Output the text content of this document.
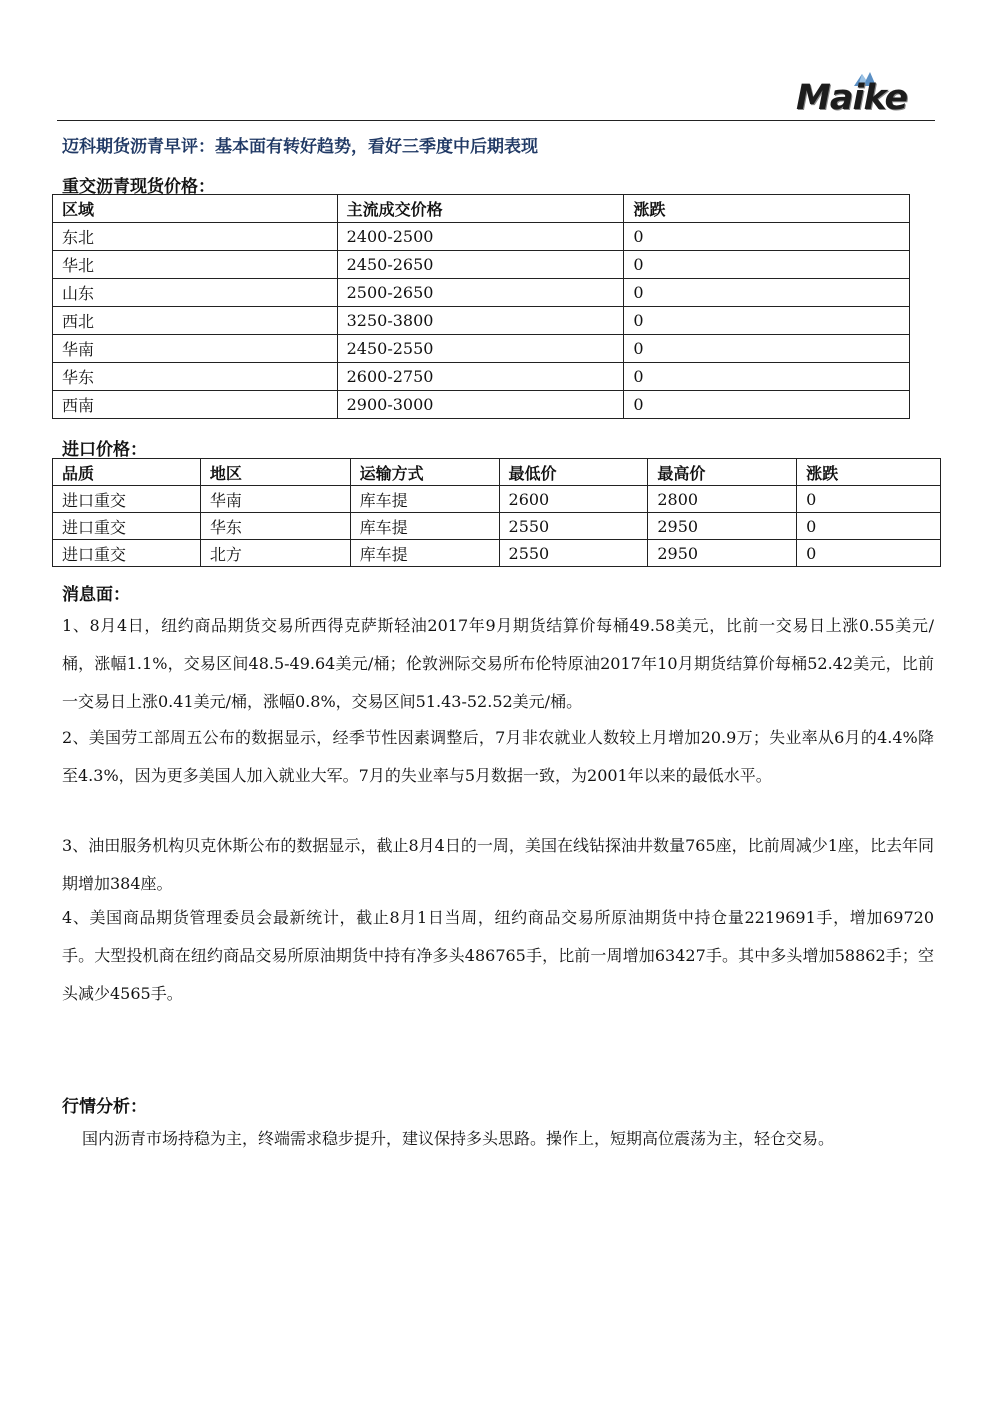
Maike
迈科期货沥青早评：基本面有转好趋势，看好三季度中后期表现
重交沥青现货价格：
区域	主流成交价格	涨跌
东北	2400-2500	0
华北	2450-2650	0
山东	2500-2650	0
西北	3250-3800	0
华南	2450-2550	0
华东	2600-2750	0
西南	2900-3000	0
进口价格：
品质	地区	运输方式	最低价	最高价	涨跌
进口重交	华南	库车提	2600	2800	0
进口重交	华东	库车提	2550	2950	0
进口重交	北方	库车提	2550	2950	0
消息面：
1、8月4日，纽约商品期货交易所西得克萨斯轻油2017年9月期货结算价每桶49.58美元，比前一交易日上涨0.55美元/桶，涨幅1.1%，交易区间48.5-49.64美元/桶；伦敦洲际交易所布伦特原油2017年10月期货结算价每桶52.42美元，比前一交易日上涨0.41美元/桶，涨幅0.8%，交易区间51.43-52.52美元/桶。
2、美国劳工部周五公布的数据显示，经季节性因素调整后，7月非农就业人数较上月增加20.9万；失业率从6月的4.4%降至4.3%，因为更多美国人加入就业大军。7月的失业率与5月数据一致，为2001年以来的最低水平。
3、油田服务机构贝克休斯公布的数据显示，截止8月4日的一周，美国在线钻探油井数量765座，比前周减少1座，比去年同期增加384座。
4、美国商品期货管理委员会最新统计，截止8月1日当周，纽约商品交易所原油期货中持仓量2219691手，增加69720手。大型投机商在纽约商品交易所原油期货中持有净多头486765手，比前一周增加63427手。其中多头增加58862手；空头减少4565手。
行情分析：
国内沥青市场持稳为主，终端需求稳步提升，建议保持多头思路。操作上，短期高位震荡为主，轻仓交易。
